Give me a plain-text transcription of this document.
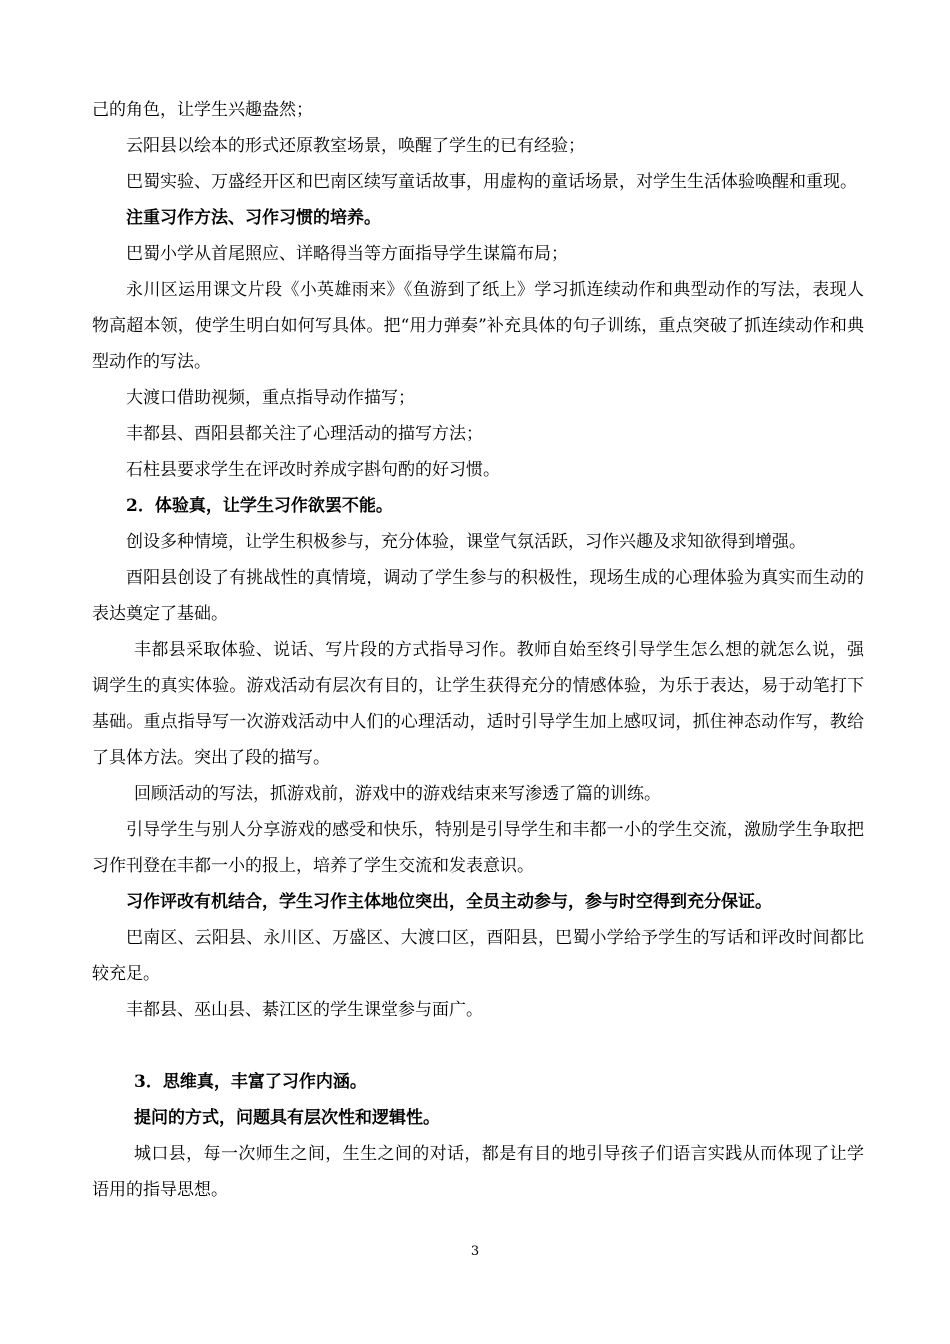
己的角色，让学生兴趣盎然；

云阳县以绘本的形式还原教室场景，唤醒了学生的已有经验；

巴蜀实验、万盛经开区和巴南区续写童话故事，用虚构的童话场景，对学生生活体验唤醒和重现。

注重习作方法、习作习惯的培养。

巴蜀小学从首尾照应、详略得当等方面指导学生谋篇布局；

永川区运用课文片段《小英雄雨来》《鱼游到了纸上》学习抓连续动作和典型动作的写法，表现人物高超本领，使学生明白如何写具体。把“用力弹奏”补充具体的句子训练，重点突破了抓连续动作和典型动作的写法。

大渡口借助视频，重点指导动作描写；

丰都县、酉阳县都关注了心理活动的描写方法；

石柱县要求学生在评改时养成字斟句酌的好习惯。

2．体验真，让学生习作欲罢不能。

创设多种情境，让学生积极参与，充分体验，课堂气氛活跃，习作兴趣及求知欲得到增强。

酉阳县创设了有挑战性的真情境，调动了学生参与的积极性，现场生成的心理体验为真实而生动的表达奠定了基础。

丰都县采取体验、说话、写片段的方式指导习作。教师自始至终引导学生怎么想的就怎么说，强调学生的真实体验。游戏活动有层次有目的，让学生获得充分的情感体验，为乐于表达，易于动笔打下基础。重点指导写一次游戏活动中人们的心理活动，适时引导学生加上感叹词，抓住神态动作写，教给了具体方法。突出了段的描写。

回顾活动的写法，抓游戏前，游戏中的游戏结束来写渗透了篇的训练。

引导学生与别人分享游戏的感受和快乐，特别是引导学生和丰都一小的学生交流，激励学生争取把习作刊登在丰都一小的报上，培养了学生交流和发表意识。

习作评改有机结合，学生习作主体地位突出，全员主动参与，参与时空得到充分保证。

巴南区、云阳县、永川区、万盛区、大渡口区，酉阳县，巴蜀小学给予学生的写话和评改时间都比较充足。

丰都县、巫山县、綦江区的学生课堂参与面广。

3．思维真，丰富了习作内涵。

提问的方式，问题具有层次性和逻辑性。

城口县，每一次师生之间，生生之间的对话，都是有目的地引导孩子们语言实践从而体现了让学语用的指导思想。

3
